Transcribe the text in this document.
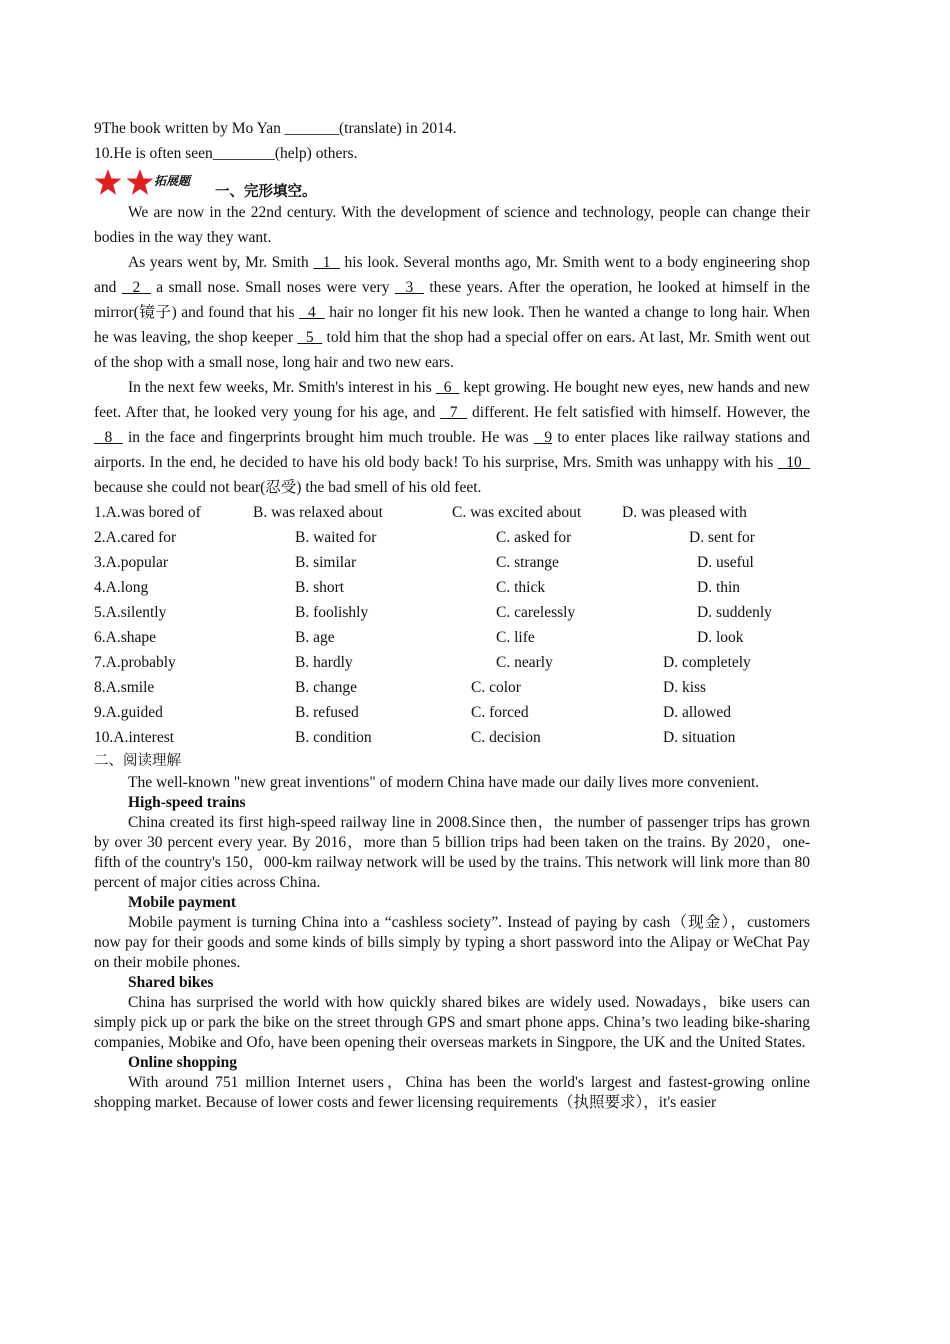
9The book written by Mo Yan _______(translate) in 2014.
10.He is often seen________(help) others.

拓展题
一、完形填空。
We are now in the 22nd century. With the development of science and technology, people can change their bodies in the way they want.
As years went by, Mr. Smith   1   his look. Several months ago, Mr. Smith went to a body engineering shop and   2   a small nose. Small noses were very   3   these years. After the operation, he looked at himself in the mirror(镜子) and found that his   4   hair no longer fit his new look. Then he wanted a change to long hair. When he was leaving, the shop keeper   5   told him that the shop had a special offer on ears. At last, Mr. Smith went out of the shop with a small nose, long hair and two new ears.
In the next few weeks, Mr. Smith's interest in his   6   kept growing. He bought new eyes, new hands and new feet. After that, he looked very young for his age, and   7   different. He felt satisfied with himself. However, the   8   in the face and fingerprints brought him much trouble. He was   9 to enter places like railway stations and airports. In the end, he decided to have his old body back! To his surprise, Mrs. Smith was unhappy with his   10   because she could not bear(忍受) the bad smell of his old feet.
1.A.was bored of	B. was relaxed about	C. was excited about	D. was pleased with
2.A.cared for	B. waited for	C. asked for	D. sent for
3.A.popular	B. similar	C. strange	D. useful
4.A.long	B. short	C. thick	D. thin
5.A.silently	B. foolishly	C. carelessly	D. suddenly
6.A.shape	B. age	C. life	D. look
7.A.probably	B. hardly	C. nearly	D. completely
8.A.smile	B. change	C. color	D. kiss
9.A.guided	B. refused	C. forced	D. allowed
10.A.interest	B. condition	C. decision	D. situation
二、阅读理解
The well-known "new great inventions" of modern China have made our daily lives more convenient.
High-speed trains
China created its first high-speed railway line in 2008.Since then，the number of passenger trips has grown by over 30 percent every year. By 2016，more than 5 billion trips had been taken on the trains. By 2020，one-fifth of the country's 150，000-km railway network will be used by the trains. This network will link more than 80 percent of major cities across China.
Mobile payment
Mobile payment is turning China into a “cashless society”. Instead of paying by cash（现金），customers now pay for their goods and some kinds of bills simply by typing a short password into the Alipay or WeChat Pay on their mobile phones.
Shared bikes
China has surprised the world with how quickly shared bikes are widely used. Nowadays，bike users can simply pick up or park the bike on the street through GPS and smart phone apps. China’s two leading bike-sharing companies, Mobike and Ofo, have been opening their overseas markets in Singpore, the UK and the United States.
Online shopping
With around 751 million Internet users，China has been the world's largest and fastest-growing online shopping market. Because of lower costs and fewer licensing requirements（执照要求），it's easier
